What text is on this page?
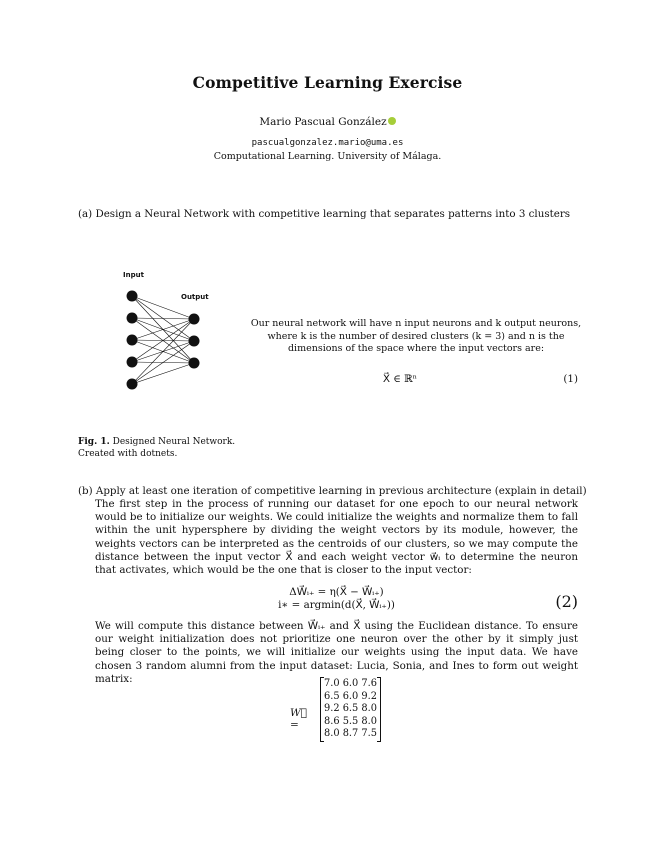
Competitive Learning Exercise
Mario Pascual González
pascualgonzalez.mario@uma.es
Computational Learning. University of Málaga.
(a) Design a Neural Network with competitive learning that separates patterns into 3 clusters
Input
Output
Fig. 1. Designed Neural Network. Created with dotnets.
Our neural network will have n input neurons and k output neurons, where k is the number of desired clusters (k = 3) and n is the dimensions of the space where the input vectors are:
X⃗ ∈ ℝⁿ	(1)
(b) Apply at least one iteration of competitive learning in previous architecture (explain in detail)
The first step in the process of running our dataset for one epoch to our neural network would be to initialize our weights. We could initialize the weights and normalize them to fall within the unit hypersphere by dividing the weight vectors by its module, however, the weights vectors can be interpreted as the centroids of our clusters, so we may compute the distance between the input vector X⃗ and each weight vector w⃗ᵢ to determine the neuron that activates, which would be the one that is closer to the input vector:
ΔW⃗ᵢ₊ = η(X⃗ − W⃗ᵢ₊)
i∗ = argmin(d(X⃗, W⃗ᵢ₊))	(2)
We will compute this distance between W⃗ᵢ₊ and X⃗ using the Euclidean distance. To ensure our weight initialization does not prioritize one neuron over the other by it simply just being closer to the points, we will initialize our weights using the input data. We have chosen 3 random alumni from the input dataset: Lucia, Sonia, and Ines to form out weight matrix:
W⃗ =
7.0 6.0 7.6
6.5 6.0 9.2
9.2 6.5 8.0
8.6 5.5 8.0
8.0 8.7 7.5
